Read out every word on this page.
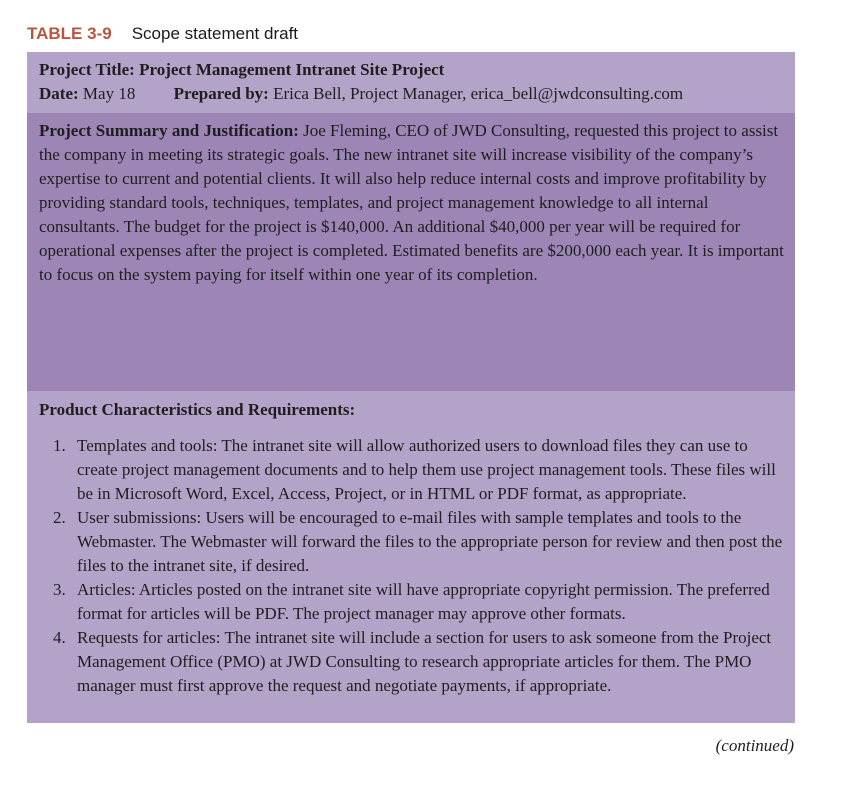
TABLE 3-9 Scope statement draft
Project Title: Project Management Intranet Site Project
Date: May 18 Prepared by: Erica Bell, Project Manager, erica_bell@jwdconsulting.com
Project Summary and Justification: Joe Fleming, CEO of JWD Consulting, requested this project to assist the company in meeting its strategic goals. The new intranet site will increase visibility of the company’s expertise to current and potential clients. It will also help reduce internal costs and improve profitability by providing standard tools, techniques, templates, and project management knowledge to all internal consultants. The budget for the project is $140,000. An additional $40,000 per year will be required for operational expenses after the project is completed. Estimated benefits are $200,000 each year. It is important to focus on the system paying for itself within one year of its completion.
Product Characteristics and Requirements:
1. Templates and tools: The intranet site will allow authorized users to download files they can use to create project management documents and to help them use project management tools. These files will be in Microsoft Word, Excel, Access, Project, or in HTML or PDF format, as appropriate.
2. User submissions: Users will be encouraged to e-mail files with sample templates and tools to the Webmaster. The Webmaster will forward the files to the appropriate person for review and then post the files to the intranet site, if desired.
3. Articles: Articles posted on the intranet site will have appropriate copyright permission. The preferred format for articles will be PDF. The project manager may approve other formats.
4. Requests for articles: The intranet site will include a section for users to ask someone from the Project Management Office (PMO) at JWD Consulting to research appropriate articles for them. The PMO manager must first approve the request and negotiate payments, if appropriate.
(continued)
